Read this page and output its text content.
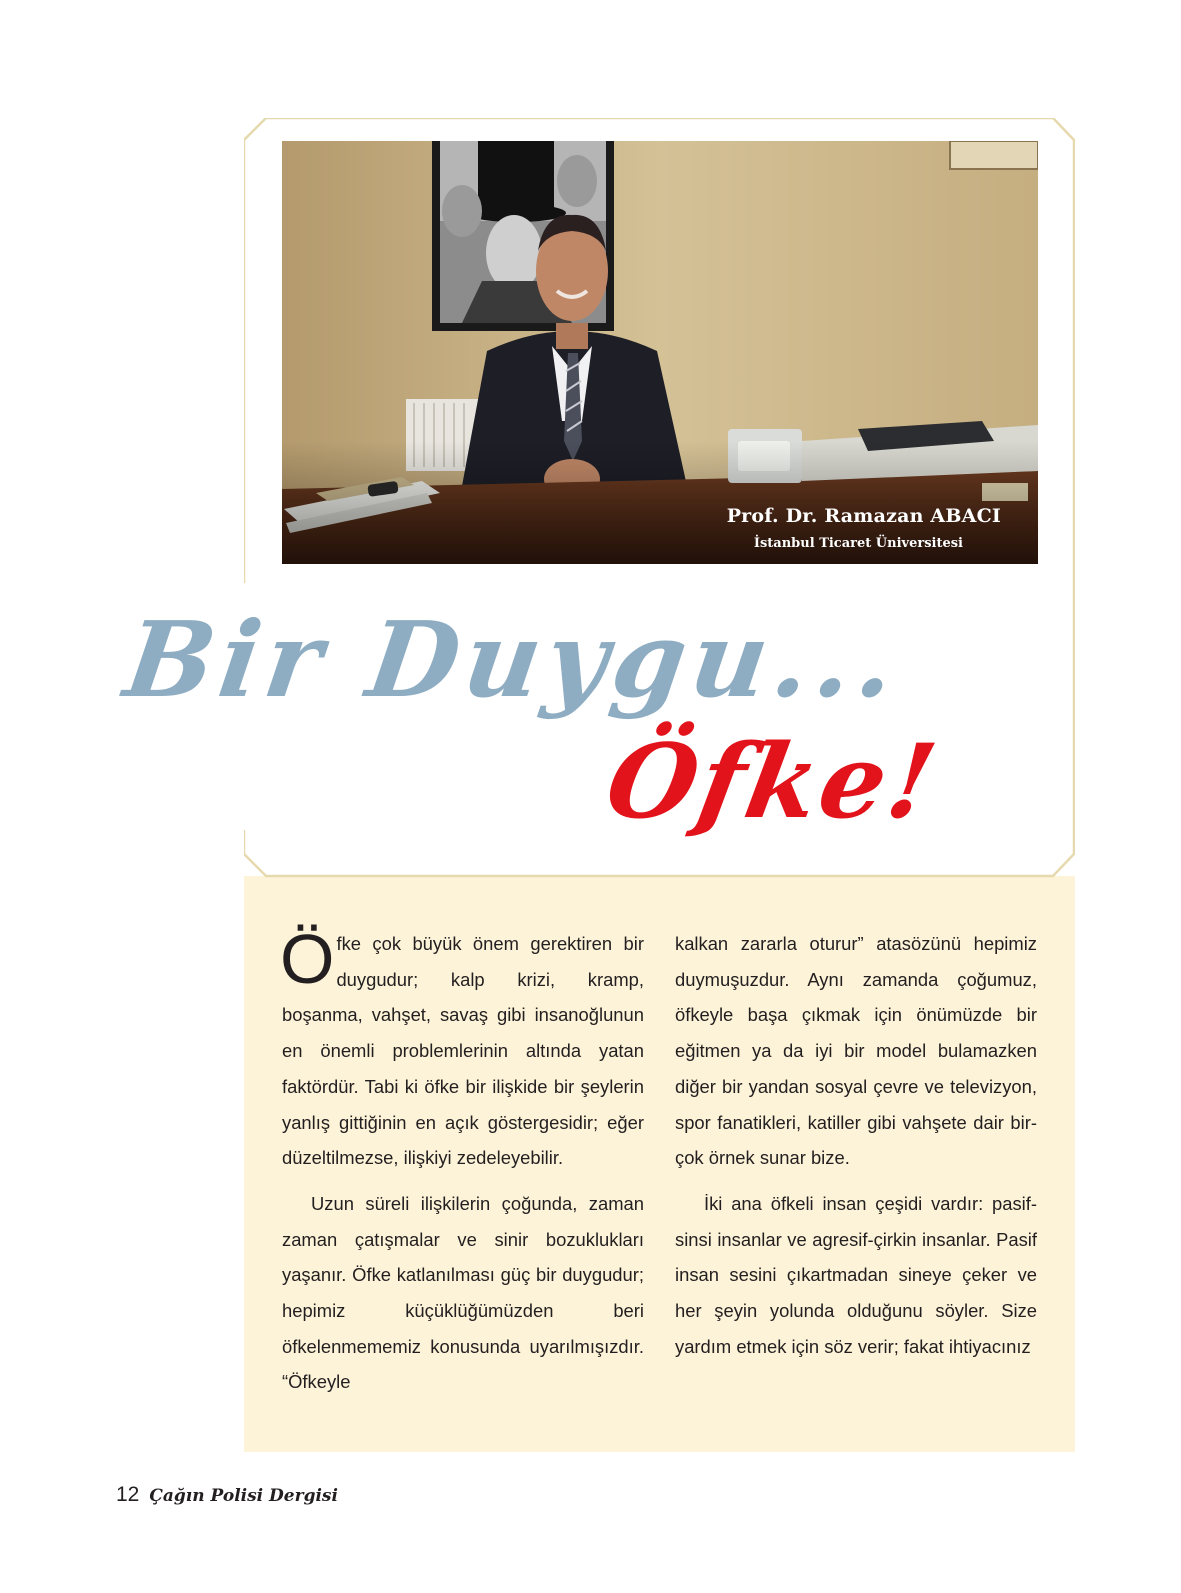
Prof. Dr. Ramazan ABACI
İstanbul Ticaret Üniversitesi
Bir Duygu...
Öfke!

Öfke çok büyük önem gerektiren bir duygudur; kalp krizi, kramp, boşanma, vahşet, savaş gibi insanoğlunun en önemli problemlerinin altında yatan faktördür. Tabi ki öfke bir ilişkide bir şeylerin yanlış gittiğinin en açık göstergesidir; eğer düzeltilmezse, ilişkiyi zedeleyebilir.

Uzun süreli ilişkilerin çoğunda, zaman zaman çatışmalar ve sinir bozuklukları yaşanır. Öfke katlanılması güç bir duygudur; hepimiz küçüklüğümüzden beri öfkelenmememiz konusunda uyarılmışızdır. “Öfkeyle

kalkan zararla oturur” atasözünü hepimiz duymuşuzdur. Aynı zamanda çoğumuz, öfkeyle başa çıkmak için önümüzde bir eğitmen ya da iyi bir model bulamazken diğer bir yandan sosyal çevre ve televizyon, spor fanatikleri, katiller gibi vahşete dair birçok örnek sunar bize.

İki ana öfkeli insan çeşidi vardır: pasif-sinsi insanlar ve agresif-çirkin insanlar. Pasif insan sesini çıkartmadan sineye çeker ve her şeyin yolunda olduğunu söyler. Size yardım etmek için söz verir; fakat ihtiyacınız

12 Çağın Polisi Dergisi
